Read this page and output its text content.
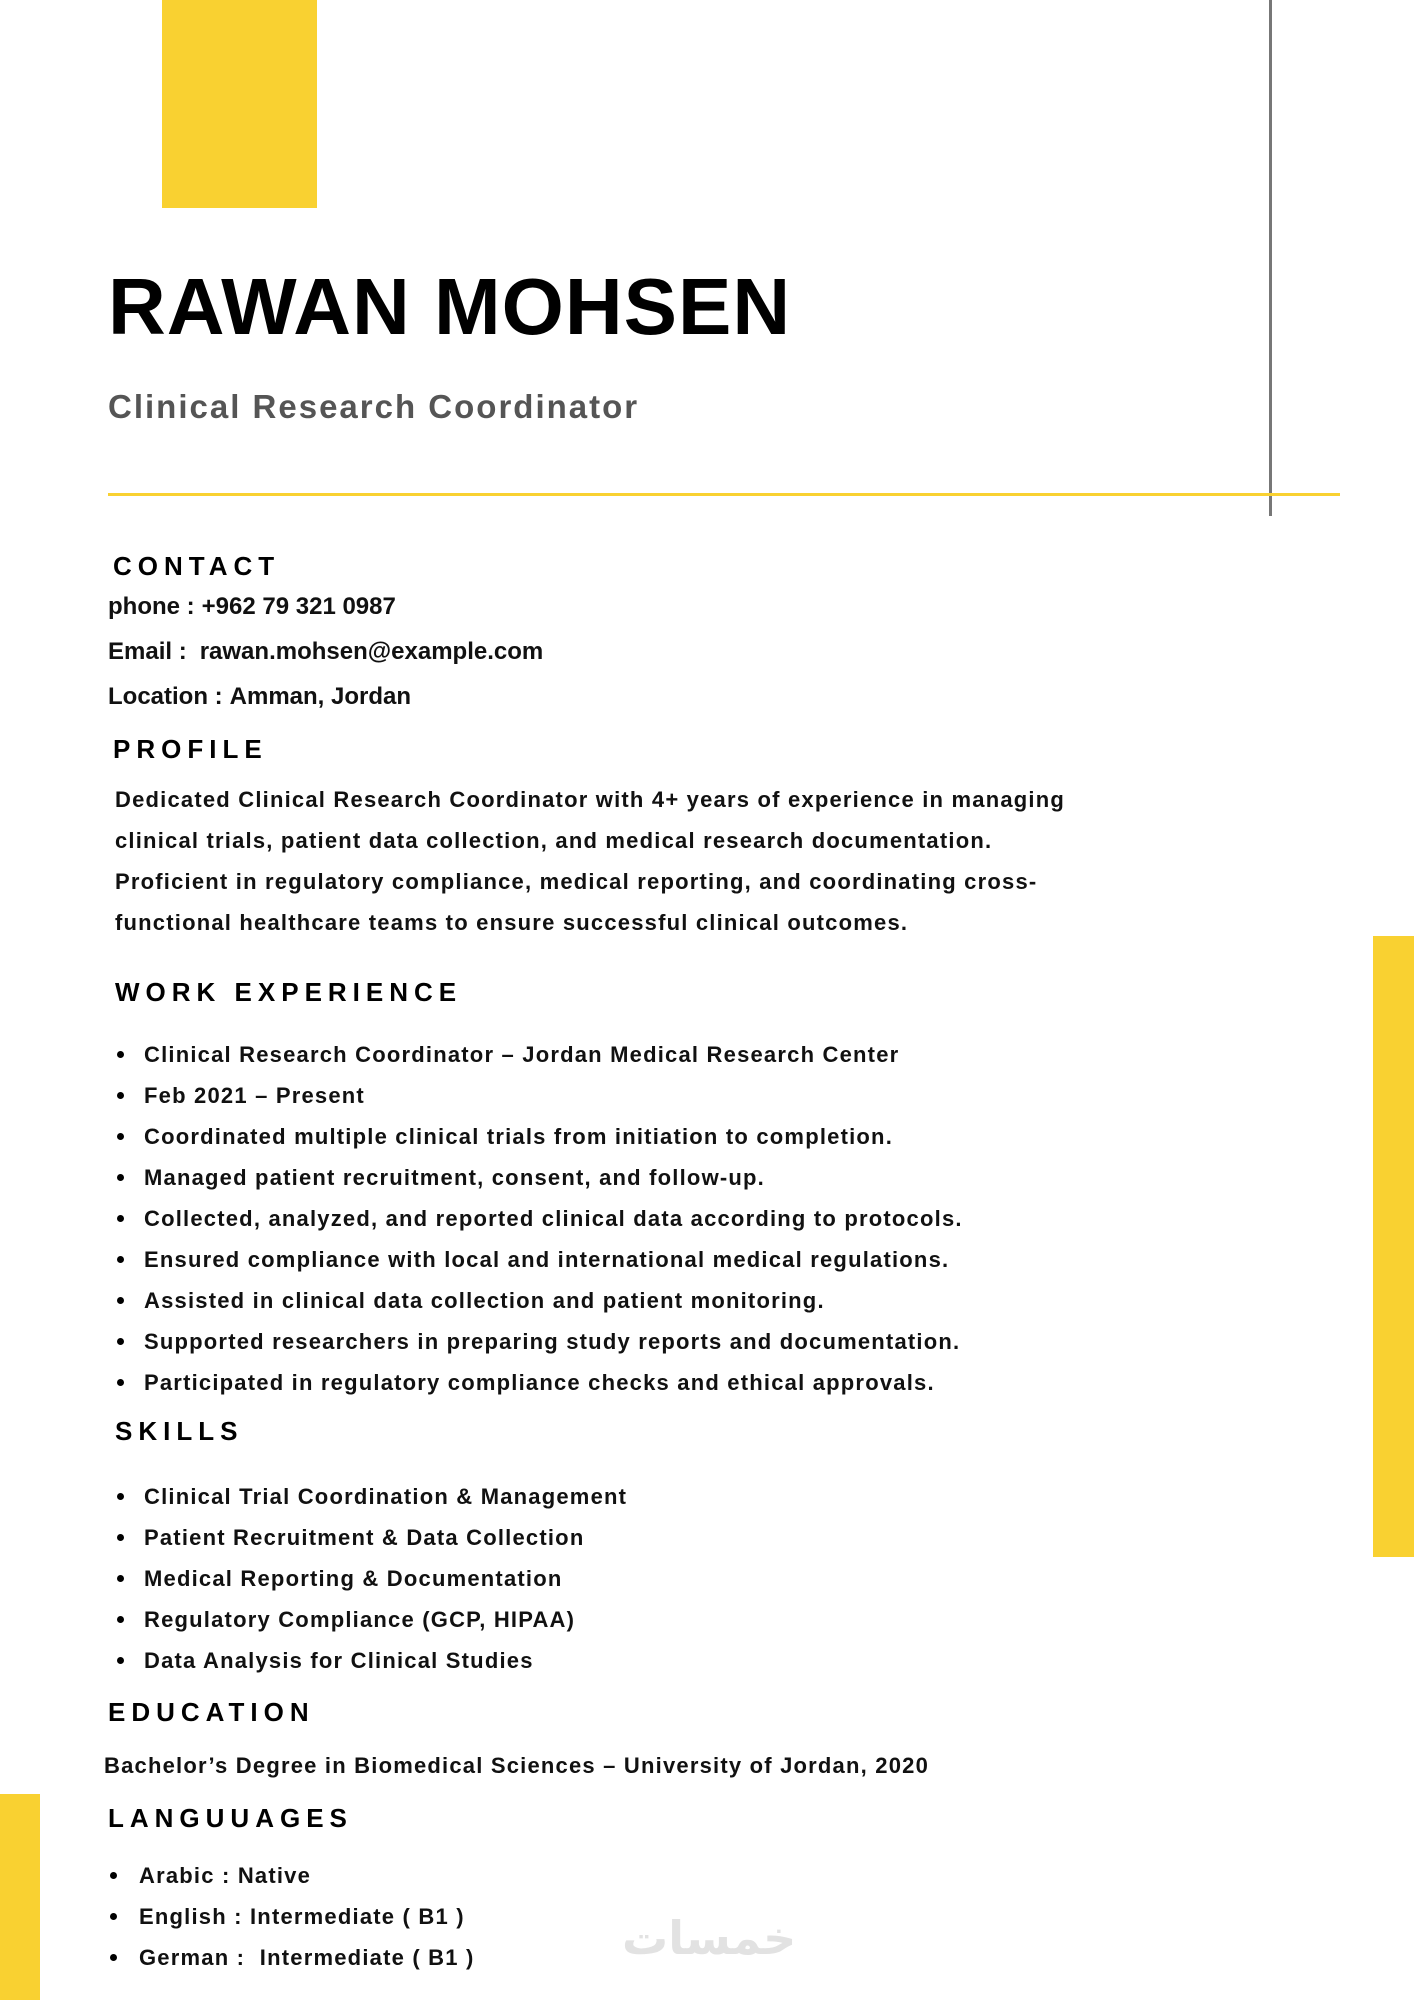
RAWAN MOHSEN
Clinical Research Coordinator
CONTACT
phone : +962 79 321 0987
Email : rawan.mohsen@example.com
Location : Amman, Jordan
PROFILE
Dedicated Clinical Research Coordinator with 4+ years of experience in managing
clinical trials, patient data collection, and medical research documentation.
Proficient in regulatory compliance, medical reporting, and coordinating cross-
functional healthcare teams to ensure successful clinical outcomes.
WORK EXPERIENCE
Clinical Research Coordinator – Jordan Medical Research Center
Feb 2021 – Present
Coordinated multiple clinical trials from initiation to completion.
Managed patient recruitment, consent, and follow-up.
Collected, analyzed, and reported clinical data according to protocols.
Ensured compliance with local and international medical regulations.
Assisted in clinical data collection and patient monitoring.
Supported researchers in preparing study reports and documentation.
Participated in regulatory compliance checks and ethical approvals.
SKILLS
Clinical Trial Coordination & Management
Patient Recruitment & Data Collection
Medical Reporting & Documentation
Regulatory Compliance (GCP, HIPAA)
Data Analysis for Clinical Studies
EDUCATION
Bachelor’s Degree in Biomedical Sciences – University of Jordan, 2020
LANGUUAGES
Arabic : Native
English : Intermediate ( B1 )
German :  Intermediate ( B1 )	خمسات
